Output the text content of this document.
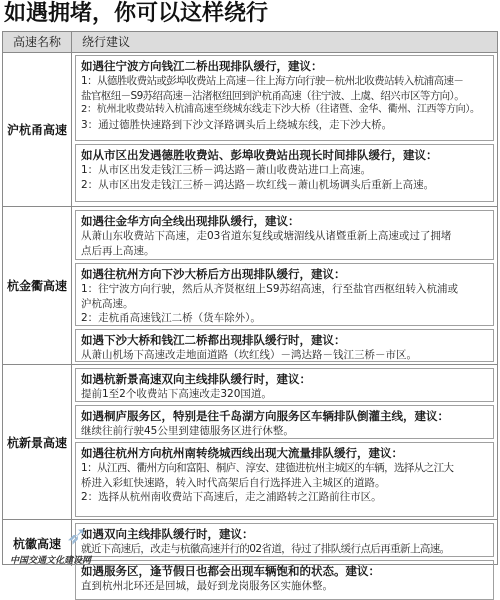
如遇拥堵，你可以这样绕行
高速名称	绕行建议
沪杭甬高速
如遇往宁波方向钱江二桥出现排队缓行，建议：
1：从德胜收费站或彭埠收费站上高速－往上海方向行驶－杭州北收费站转入杭浦高速－
盐官枢纽－S9苏绍高速－沽渚枢纽回到沪杭甬高速（往宁波、上虞、绍兴市区等方向）。
2：杭州北收费站转入杭浦高速至绕城东线走下沙大桥（往诸暨、金华、衢州、江西等方向）。
3：通过德胜快速路到下沙文泽路调头后上绕城东线，走下沙大桥。
如从市区出发遇德胜收费站、彭埠收费站出现长时间排队缓行，建议：
1：从市区出发走钱江三桥－鸿达路－萧山收费站进口上高速。
2：从市区出发走钱江三桥－鸿达路－坎红线－萧山机场调头后重新上高速。
杭金衢高速
如遇往金华方向全线出现排队缓行，建议：
从萧山东收费站下高速，走03省道东复线或塘湄线从诸暨重新上高速或过了拥堵
点后再上高速。
如遇往杭州方向下沙大桥后方出现排队缓行，建议：
1：往宁波方向行驶，然后从齐贤枢纽上S9苏绍高速，行至盐官西枢纽转入杭浦或
沪杭高速。
2：走杭甬高速钱江二桥（货车除外）。
如遇下沙大桥和钱江二桥都出现排队缓行时，建议：
从萧山机场下高速改走地面道路（坎红线）－鸿达路－钱江三桥－市区。
杭新景高速
如遇杭新景高速双向主线排队缓行时，建议：
提前1至2个收费站下高速改走320国道。
如遇桐庐服务区，特别是往千岛湖方向服务区车辆排队倒灌主线，建议：
继续往前行驶45公里到建德服务区进行休整。
如遇往杭州方向杭州南转绕城西线出现大流量排队缓行，建议：
1：从江西、衢州方向和富阳、桐庐、淳安、建德进杭州主城区的车辆，选择从之江大
桥进入彩虹快速路，转入时代高架后自行选择进入主城区的道路。
2：选择从杭州南收费站下高速后，走之浦路转之江路前往市区。
杭徽高速
如遇双向主线排队缓行时，建议：
就近下高速后，改走与杭徽高速并行的02省道，待过了排队缓行点后再重新上高速。
如遇服务区，逢节假日也都会出现车辆饱和的状态。建议：
直到杭州北环还是回城，最好到龙岗服务区实施休整。
➶
中国交通文化建设网
